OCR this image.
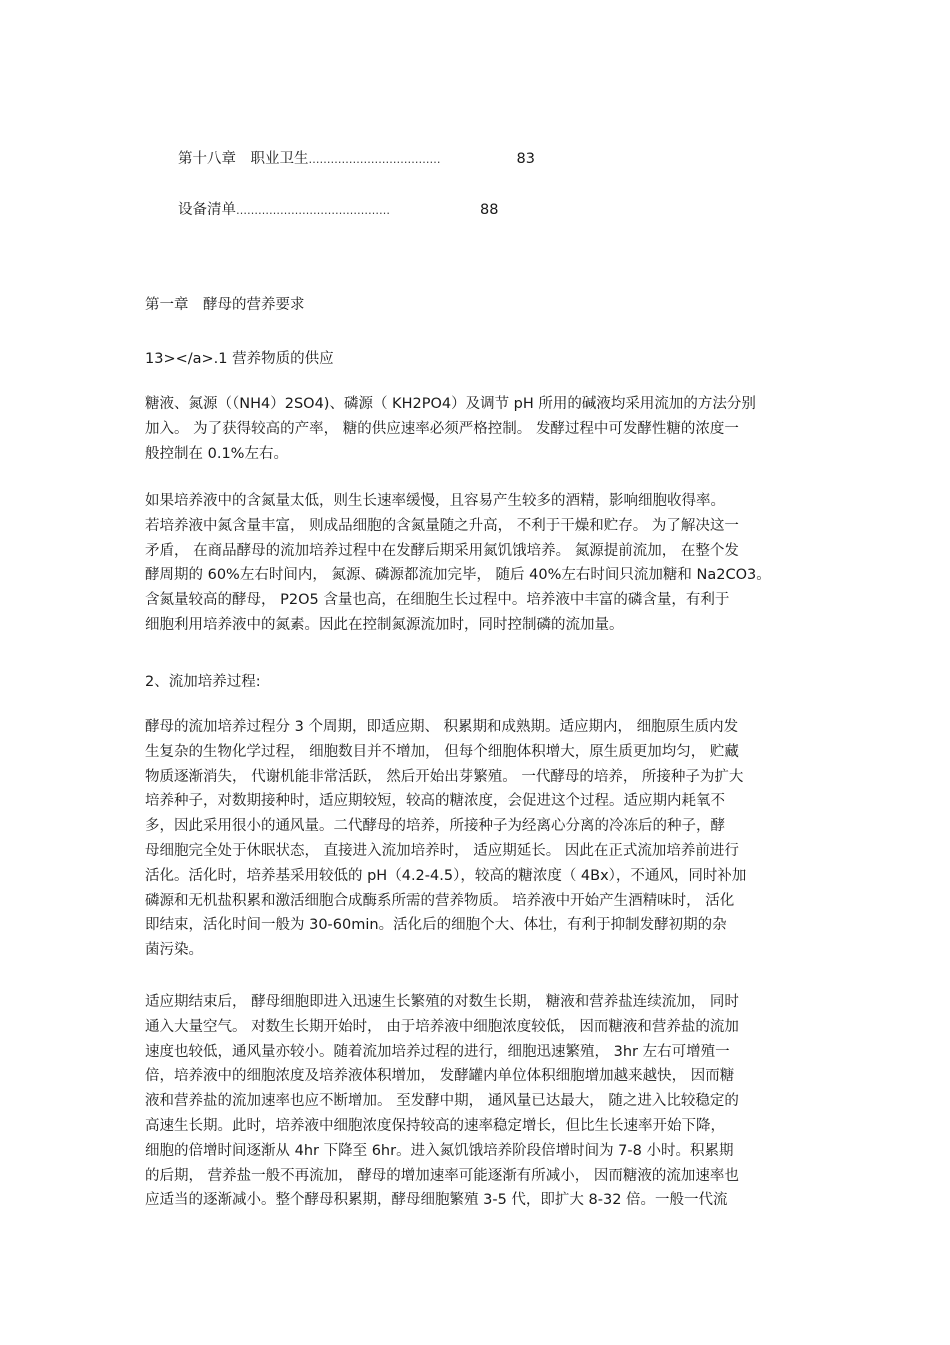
第十八章　职业卫生 ………………………………	83
设备清单 ……………………………………	88
第一章　酵母的营养要求
13></a>.1 营养物质的供应
糖液、氮源（（NH4）2SO4)、磷源（ KH2PO4）及调节 pH 所用的碱液均采用流加的方法分别
加入。 为了获得较高的产率， 糖的供应速率必须严格控制。 发酵过程中可发酵性糖的浓度一
般控制在 0.1%左右。
如果培养液中的含氮量太低，则生长速率缓慢，且容易产生较多的酒精，影响细胞收得率。
若培养液中氮含量丰富， 则成品细胞的含氮量随之升高， 不利于干燥和贮存。 为了解决这一
矛盾， 在商品酵母的流加培养过程中在发酵后期采用氮饥饿培养。 氮源提前流加， 在整个发
酵周期的 60%左右时间内， 氮源、磷源都流加完毕， 随后 40%左右时间只流加糖和 Na2CO3。
含氮量较高的酵母， P2O5 含量也高，在细胞生长过程中。培养液中丰富的磷含量，有利于
细胞利用培养液中的氮素。因此在控制氮源流加时，同时控制磷的流加量。
2、流加培养过程:
酵母的流加培养过程分 3 个周期，即适应期、 积累期和成熟期。适应期内， 细胞原生质内发
生复杂的生物化学过程， 细胞数目并不增加， 但每个细胞体积增大，原生质更加均匀， 贮藏
物质逐渐消失， 代谢机能非常活跃， 然后开始出芽繁殖。 一代酵母的培养， 所接种子为扩大
培养种子，对数期接种时，适应期较短，较高的糖浓度，会促进这个过程。适应期内耗氧不
多，因此采用很小的通风量。二代酵母的培养，所接种子为经离心分离的冷冻后的种子，酵
母细胞完全处于休眠状态， 直接进入流加培养时， 适应期延长。 因此在正式流加培养前进行
活化。活化时，培养基采用较低的 pH（4.2-4.5），较高的糖浓度（ 4Bx），不通风，同时补加
磷源和无机盐积累和激活细胞合成酶系所需的营养物质。 培养液中开始产生酒精味时， 活化
即结束，活化时间一般为 30-60min。活化后的细胞个大、体壮，有利于抑制发酵初期的杂
菌污染。
适应期结束后， 酵母细胞即进入迅速生长繁殖的对数生长期， 糖液和营养盐连续流加， 同时
通入大量空气。 对数生长期开始时， 由于培养液中细胞浓度较低， 因而糖液和营养盐的流加
速度也较低，通风量亦较小。随着流加培养过程的进行，细胞迅速繁殖， 3hr 左右可增殖一
倍，培养液中的细胞浓度及培养液体积增加， 发酵罐内单位体积细胞增加越来越快， 因而糖
液和营养盐的流加速率也应不断增加。 至发酵中期， 通风量已达最大， 随之进入比较稳定的
高速生长期。此时，培养液中细胞浓度保持较高的速率稳定增长，但比生长速率开始下降，
细胞的倍增时间逐渐从 4hr 下降至 6hr。进入氮饥饿培养阶段倍增时间为 7-8 小时。积累期
的后期， 营养盐一般不再流加， 酵母的增加速率可能逐渐有所减小， 因而糖液的流加速率也
应适当的逐渐减小。整个酵母积累期，酵母细胞繁殖 3-5 代，即扩大 8-32 倍。一般一代流
